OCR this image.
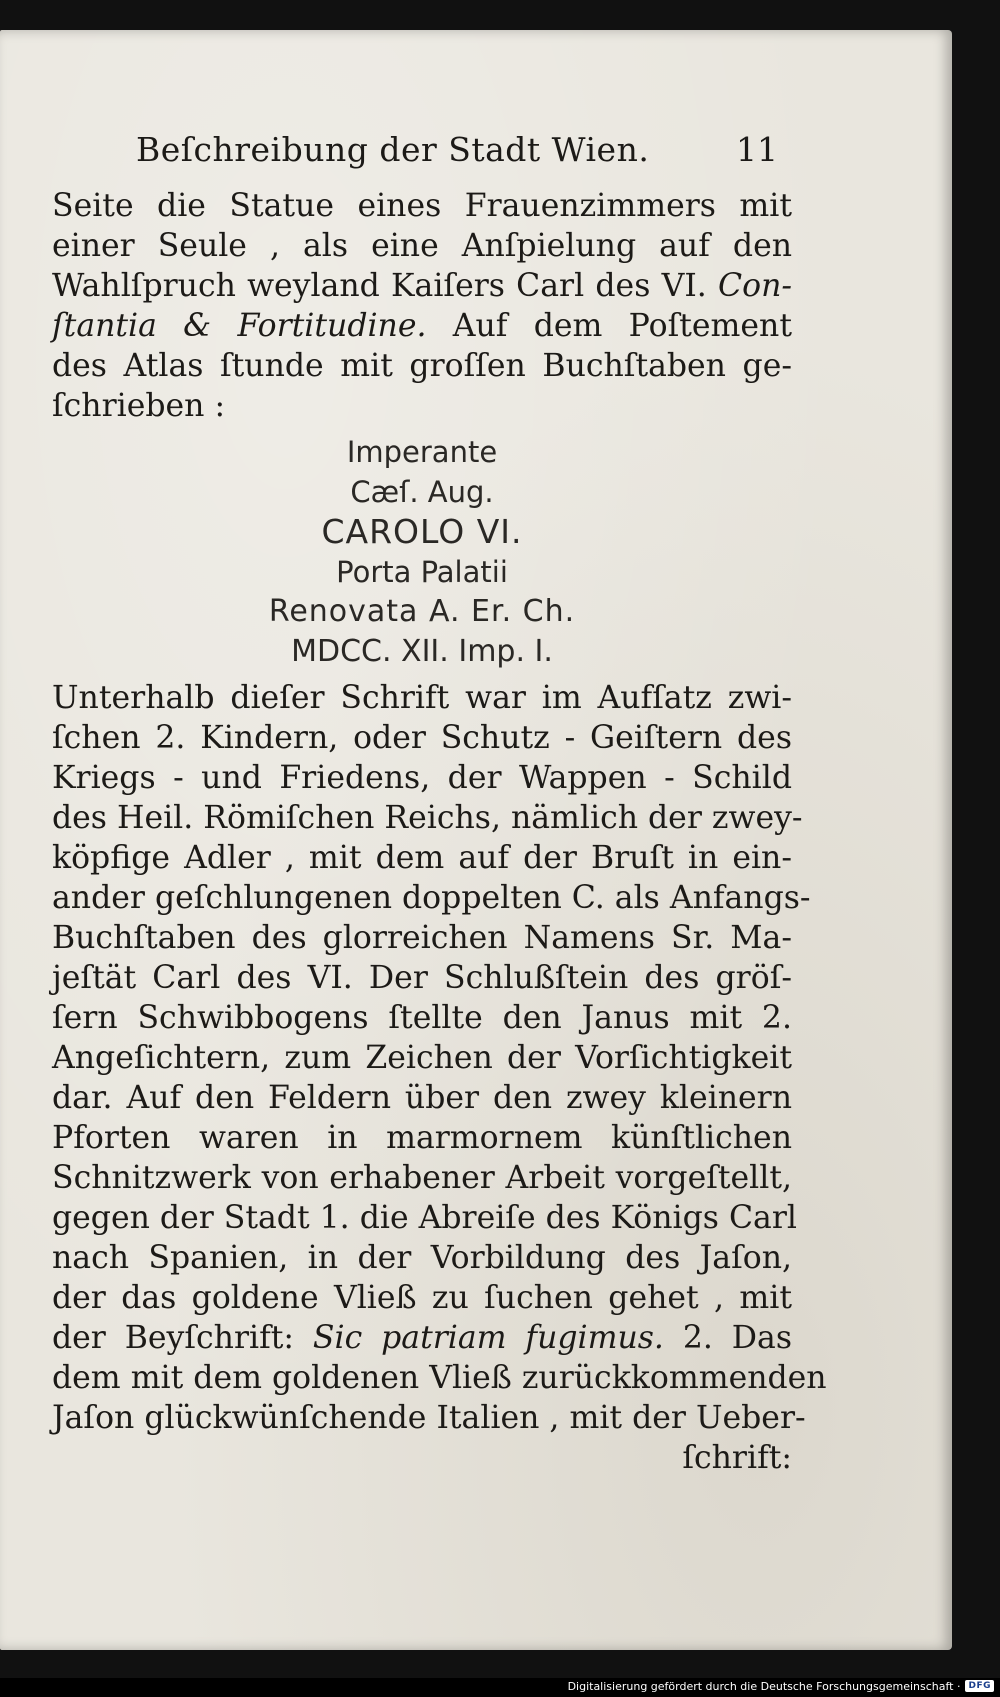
Beſchreibung der Stadt Wien.	11
Seite die Statue eines Frauenzimmers mit
einer Seule , als eine Anſpielung auf den
Wahlſpruch weyland Kaiſers Carl des VI. Con-
ſtantia & Fortitudine. Auf dem Poſtement
des Atlas ſtunde mit groſſen Buchſtaben ge-
ſchrieben :
Imperante
Cæſ. Aug.
CAROLO VI.
Porta Palatii
Renovata A. Er. Ch.
MDCC. XII. Imp. I.
Unterhalb dieſer Schrift war im Aufſatz zwi-
ſchen 2. Kindern, oder Schutz - Geiſtern des
Kriegs - und Friedens, der Wappen - Schild
des Heil. Römiſchen Reichs, nämlich der zwey-
köpfige Adler , mit dem auf der Bruſt in ein-
ander geſchlungenen doppelten C. als Anfangs-
Buchſtaben des glorreichen Namens Sr. Ma-
jeſtät Carl des VI. Der Schlußſtein des gröſ-
ſern Schwibbogens ſtellte den Janus mit 2.
Angeſichtern, zum Zeichen der Vorſichtigkeit
dar. Auf den Feldern über den zwey kleinern
Pforten waren in marmornem künſtlichen
Schnitzwerk von erhabener Arbeit vorgeſtellt,
gegen der Stadt 1. die Abreiſe des Königs Carl
nach Spanien, in der Vorbildung des Jaſon,
der das goldene Vließ zu ſuchen gehet , mit
der Beyſchrift: Sic patriam fugimus. 2. Das
dem mit dem goldenen Vließ zurückkommenden
Jaſon glückwünſchende Italien , mit der Ueber-
ſchrift:
Digitalisierung gefördert durch die Deutsche Forschungsgemeinschaft · DFG
